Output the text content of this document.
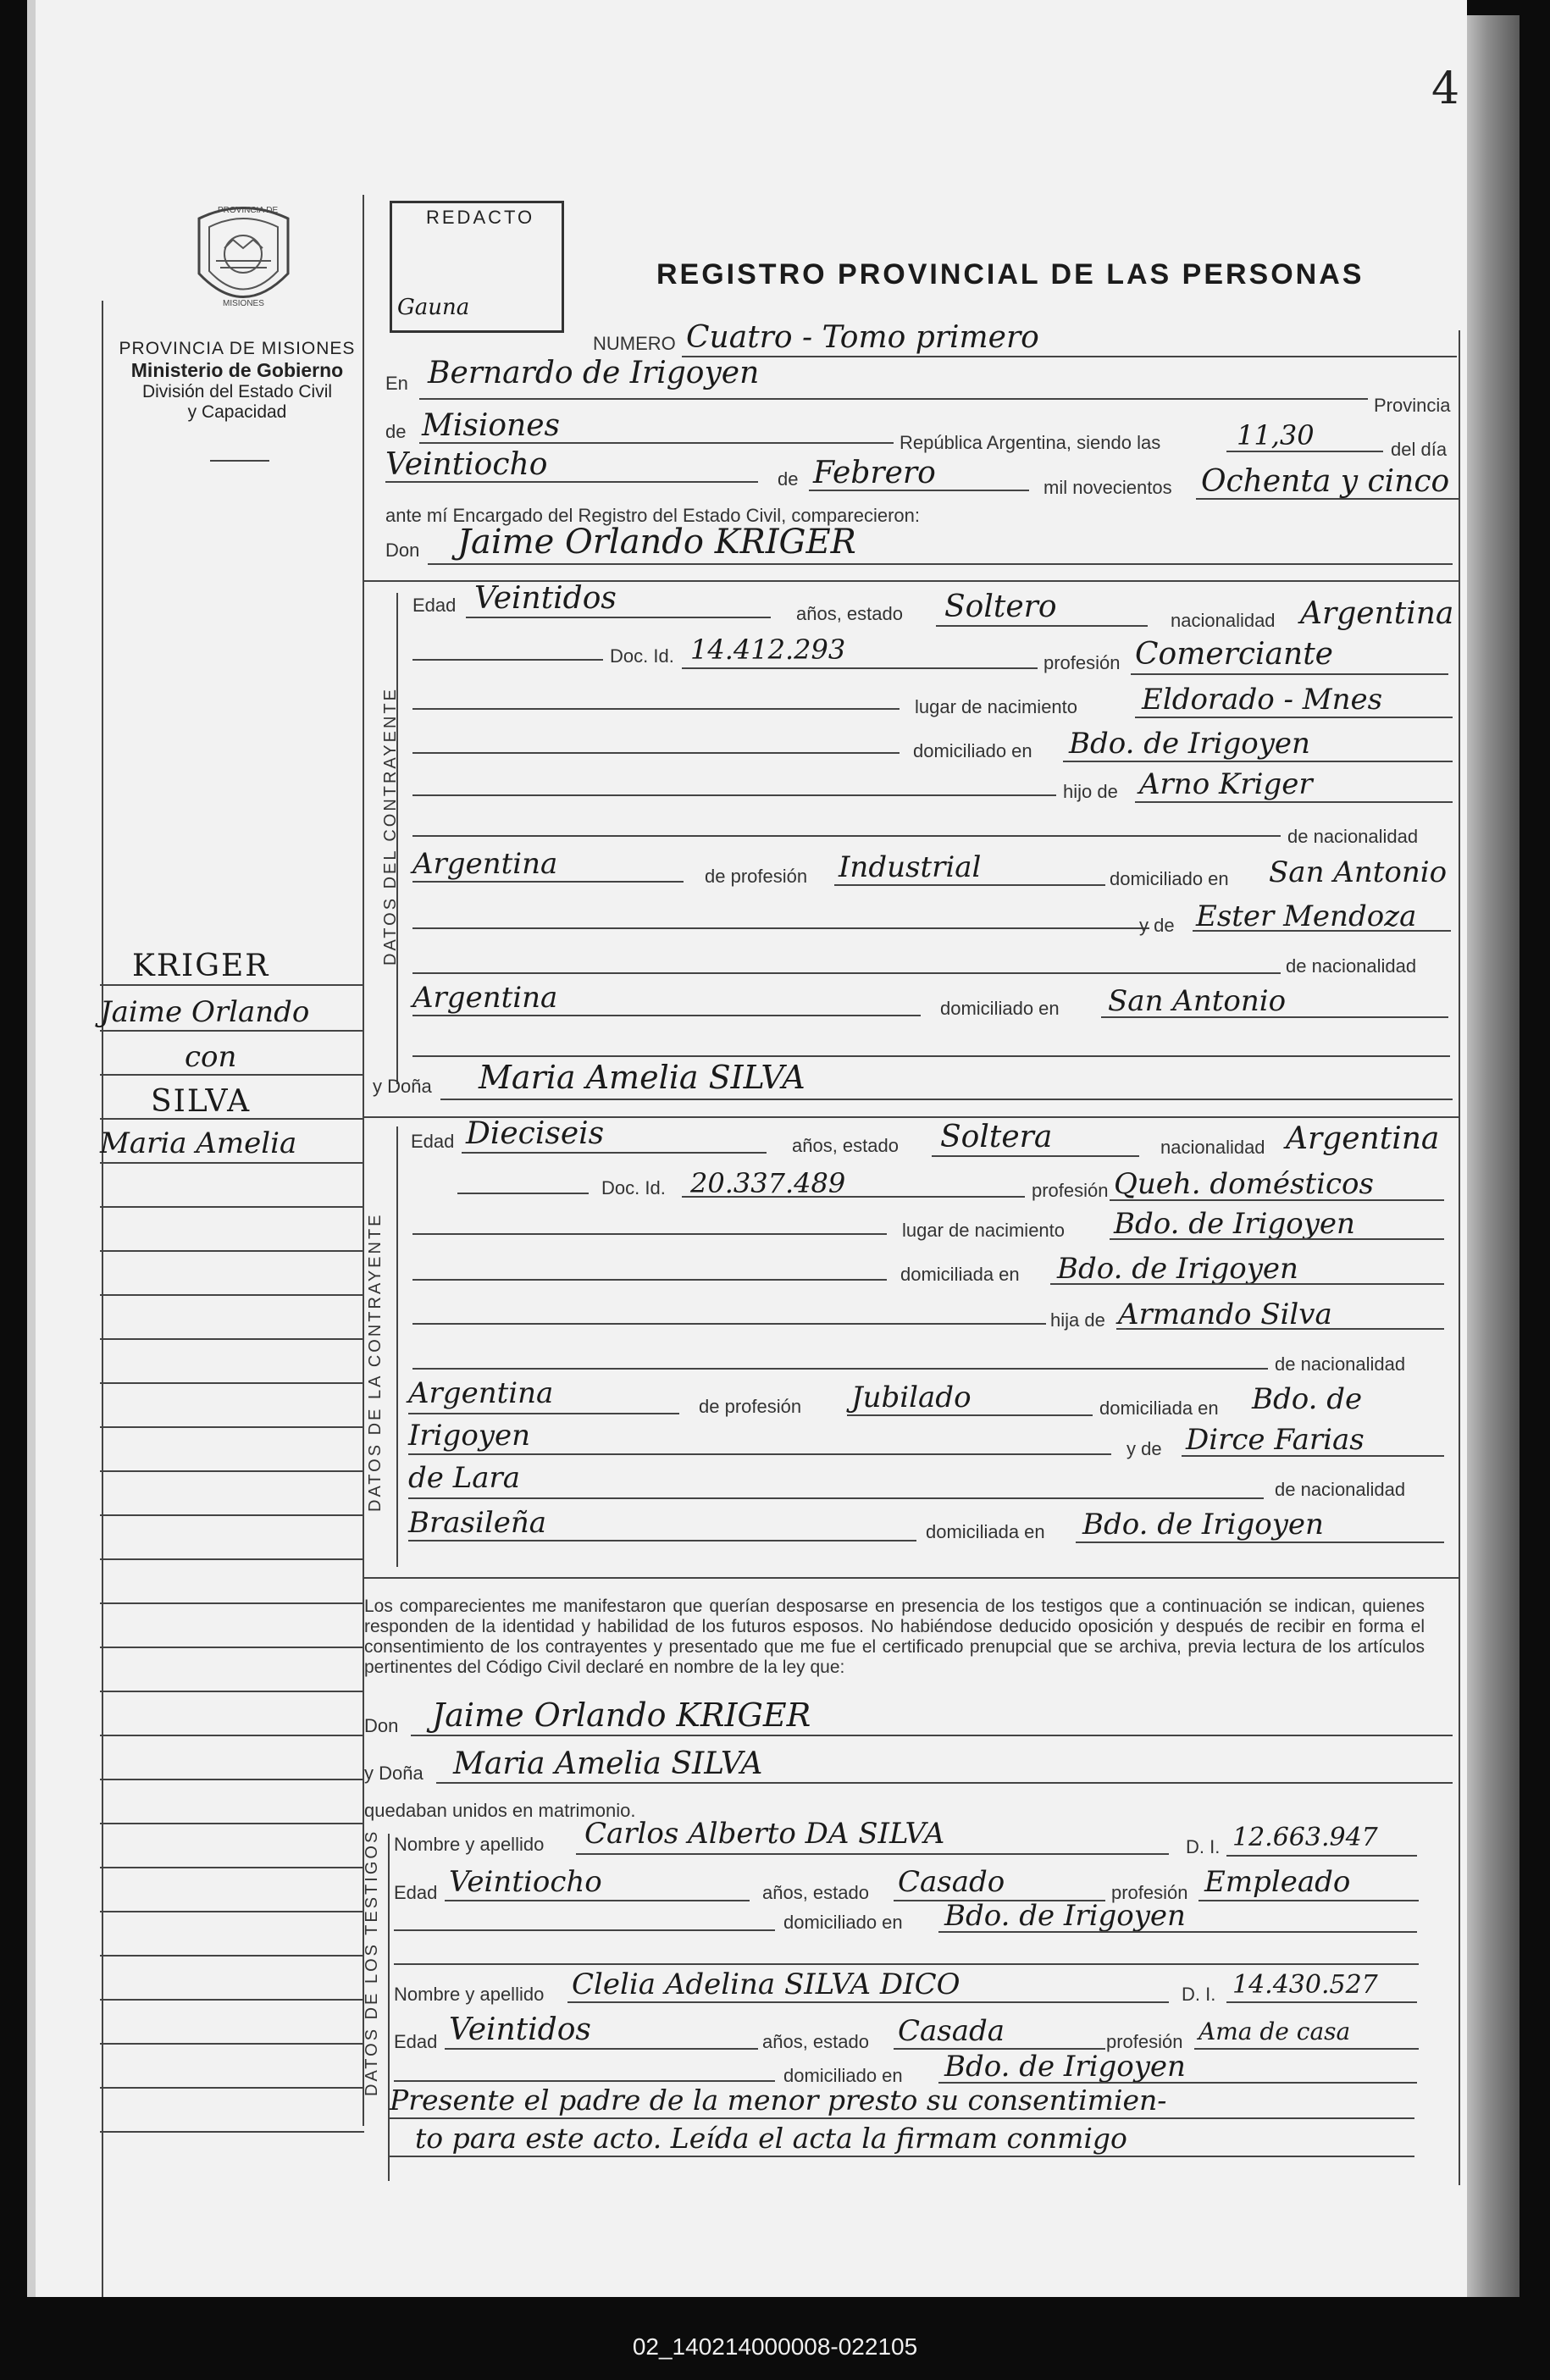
4
PROVINCIA DE
MISIONES
PROVINCIA DE MISIONES
Ministerio de Gobierno
División del Estado Civil
y Capacidad
REDACTO
Gauna
REGISTRO PROVINCIAL DE LAS PERSONAS
NUMERO Cuatro - Tomo primero
En Bernardo de Irigoyen
Provincia
de Misiones	República Argentina, siendo las	11,30	del día
Veintiocho	de Febrero	mil novecientos Ochenta y cinco
ante mí Encargado del Registro del Estado Civil, comparecieron:
Don Jaime Orlando KRIGER
DATOS DEL CONTRAYENTE
Edad Veintidos	años, estado Soltero	nacionalidad Argentina
Doc. Id. 14.412.293	profesión Comerciante
lugar de nacimiento Eldorado - Mnes
domiciliado en Bdo. de Irigoyen
hijo de Arno Kriger
de nacionalidad
Argentina	de profesión Industrial	domiciliado en San Antonio
y de Ester Mendoza
de nacionalidad
Argentina	domiciliado en San Antonio
y Doña Maria Amelia SILVA
DATOS DE LA CONTRAYENTE
Edad Dieciseis	años, estado Soltera	nacionalidad Argentina
Doc. Id. 20.337.489	profesión Queh. domésticos
lugar de nacimiento Bdo. de Irigoyen
domiciliada en Bdo. de Irigoyen
hija de Armando Silva
de nacionalidad
Argentina	de profesión Jubilado	domiciliada en Bdo. de
Irigoyen	y de Dirce Farias
de Lara	de nacionalidad
Brasileña	domiciliada en Bdo. de Irigoyen
Los comparecientes me manifestaron que querían desposarse en presencia de los testigos que a continuación se indican, quienes responden de la identidad y habilidad de los futuros esposos. No habiéndose deducido oposición y después de recibir en forma el consentimiento de los contrayentes y presentado que me fue el certificado prenupcial que se archiva, previa lectura de los artículos pertinentes del Código Civil declaré en nombre de la ley que:
Don Jaime Orlando KRIGER
y Doña Maria Amelia SILVA
quedaban unidos en matrimonio.
DATOS DE LOS TESTIGOS Nombre y apellido Carlos Alberto DA SILVA	D. I. 12.663.947
Edad Veintiocho	años, estado Casado	profesión Empleado
domiciliado en Bdo. de Irigoyen
Nombre y apellido Clelia Adelina SILVA DICO	D. I. 14.430.527
Edad Veintidos	años, estado Casada	profesión Ama de casa
domiciliado en Bdo. de Irigoyen
Presente el padre de la menor presto su consentimien-
to para este acto. Leída el acta la firmam conmigo
KRIGER
Jaime Orlando
con
SILVA
Maria Amelia
02_140214000008-022105
